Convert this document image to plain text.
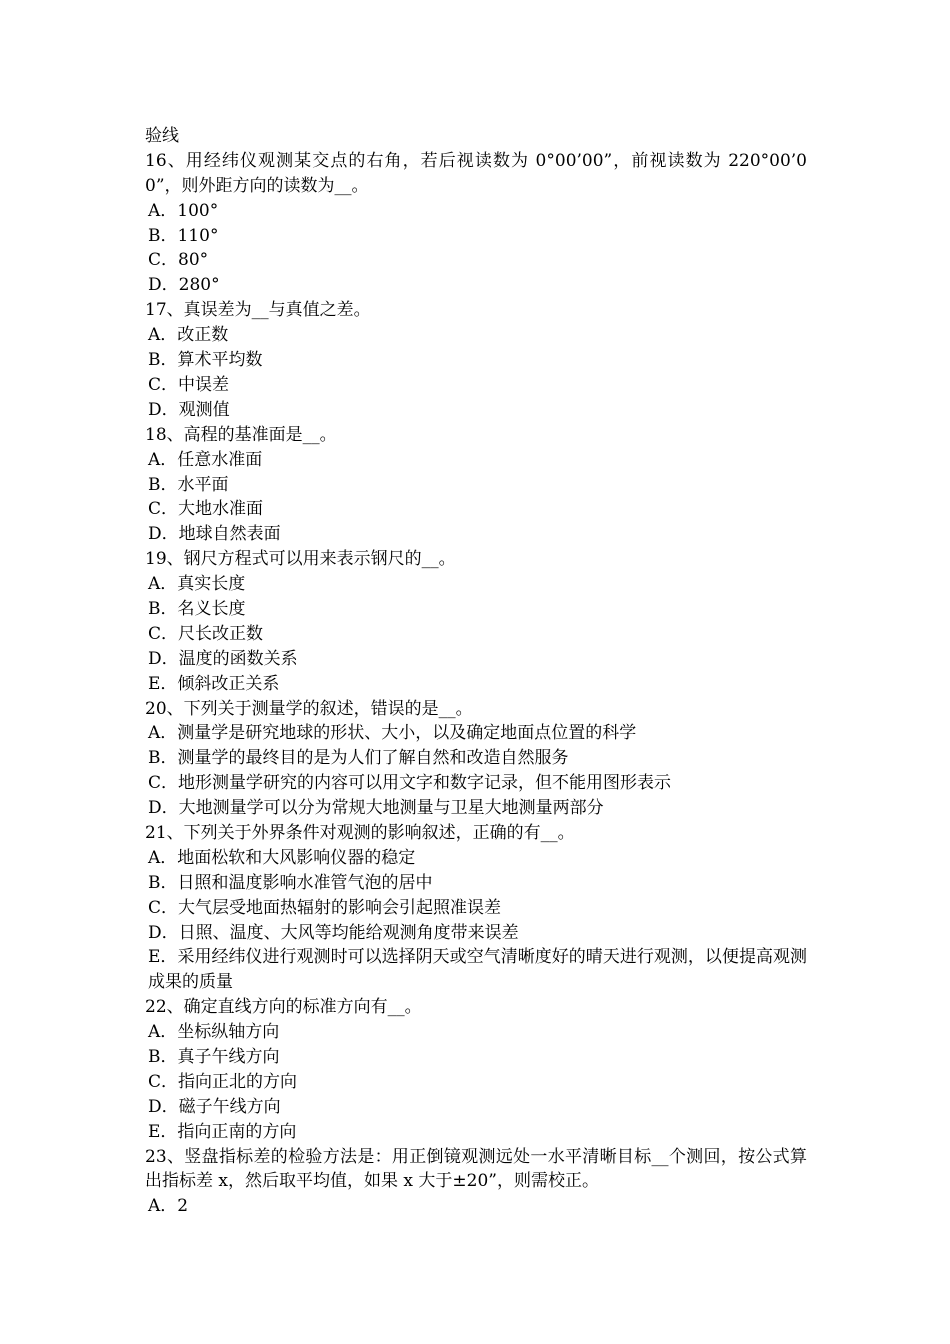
验线
16、用经纬仪观测某交点的右角，若后视读数为 0°00’00”，前视读数为 220°00’00”，则外距方向的读数为__。
A．100°
B．110°
C．80°
D．280°
17、真误差为__与真值之差。
A．改正数
B．算术平均数
C．中误差
D．观测值
18、高程的基准面是__。
A．任意水准面
B．水平面
C．大地水准面
D．地球自然表面
19、钢尺方程式可以用来表示钢尺的__。
A．真实长度
B．名义长度
C．尺长改正数
D．温度的函数关系
E．倾斜改正关系
20、下列关于测量学的叙述，错误的是__。
A．测量学是研究地球的形状、大小，以及确定地面点位置的科学
B．测量学的最终目的是为人们了解自然和改造自然服务
C．地形测量学研究的内容可以用文字和数字记录，但不能用图形表示
D．大地测量学可以分为常规大地测量与卫星大地测量两部分
21、下列关于外界条件对观测的影响叙述，正确的有__。
A．地面松软和大风影响仪器的稳定
B．日照和温度影响水准管气泡的居中
C．大气层受地面热辐射的影响会引起照准误差
D．日照、温度、大风等均能给观测角度带来误差
E．采用经纬仪进行观测时可以选择阴天或空气清晰度好的晴天进行观测，以便提高观测成果的质量
22、确定直线方向的标准方向有__。
A．坐标纵轴方向
B．真子午线方向
C．指向正北的方向
D．磁子午线方向
E．指向正南的方向
23、竖盘指标差的检验方法是：用正倒镜观测远处一水平清晰目标__个测回，按公式算出指标差 x，然后取平均值，如果 x 大于±20”，则需校正。
A．2
